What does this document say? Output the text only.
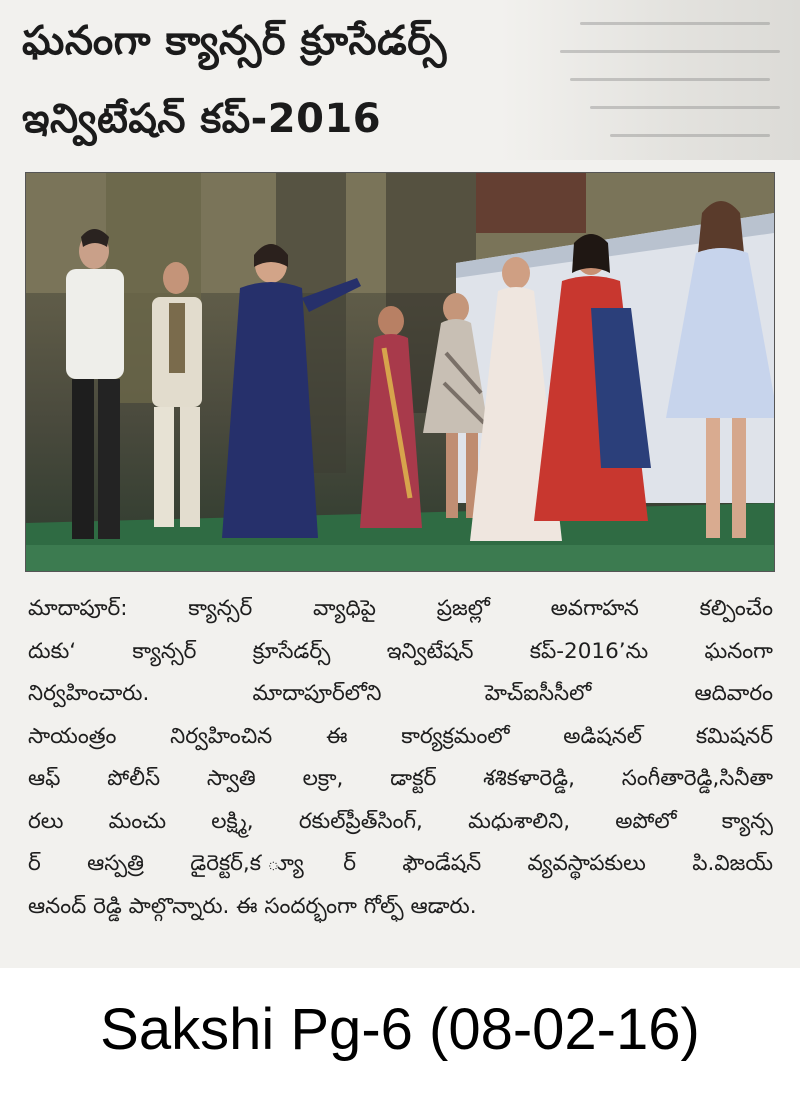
ఘనంగా క్యాన్సర్ క్రూసేడర్స్
ఇన్విటేషన్ కప్-2016
మాదాపూర్: క్యాన్సర్ వ్యాధిపై ప్రజల్లో అవగాహన కల్పించేం
దుకు‘ క్యాన్సర్ క్రూసేడర్స్ ఇన్విటేషన్ కప్-2016’ను ఘనంగా
నిర్వహించారు. మాదాపూర్‌లోని హెచ్‌ఐసీసీలో ఆదివారం
సాయంత్రం నిర్వహించిన ఈ కార్యక్రమంలో అడిషనల్ కమిషనర్
ఆఫ్ పోలీస్ స్వాతి లక్రా, డాక్టర్ శశికళారెడ్డి, సంగీతారెడ్డి,సినీతా
రలు మంచు లక్ష్మి, రకుల్‌ప్రీత్‌సింగ్, మధుశాలిని, అపోలో క్యాన్స
ర్ ఆస్పత్రి డైరెక్టర్,క ్యూర్ ఫౌండేషన్ వ్యవస్థాపకులు పి.విజయ్
ఆనంద్ రెడ్డి పాల్గొన్నారు. ఈ సందర్భంగా గోల్ఫ్ ఆడారు.
Sakshi Pg-6 (08-02-16)
